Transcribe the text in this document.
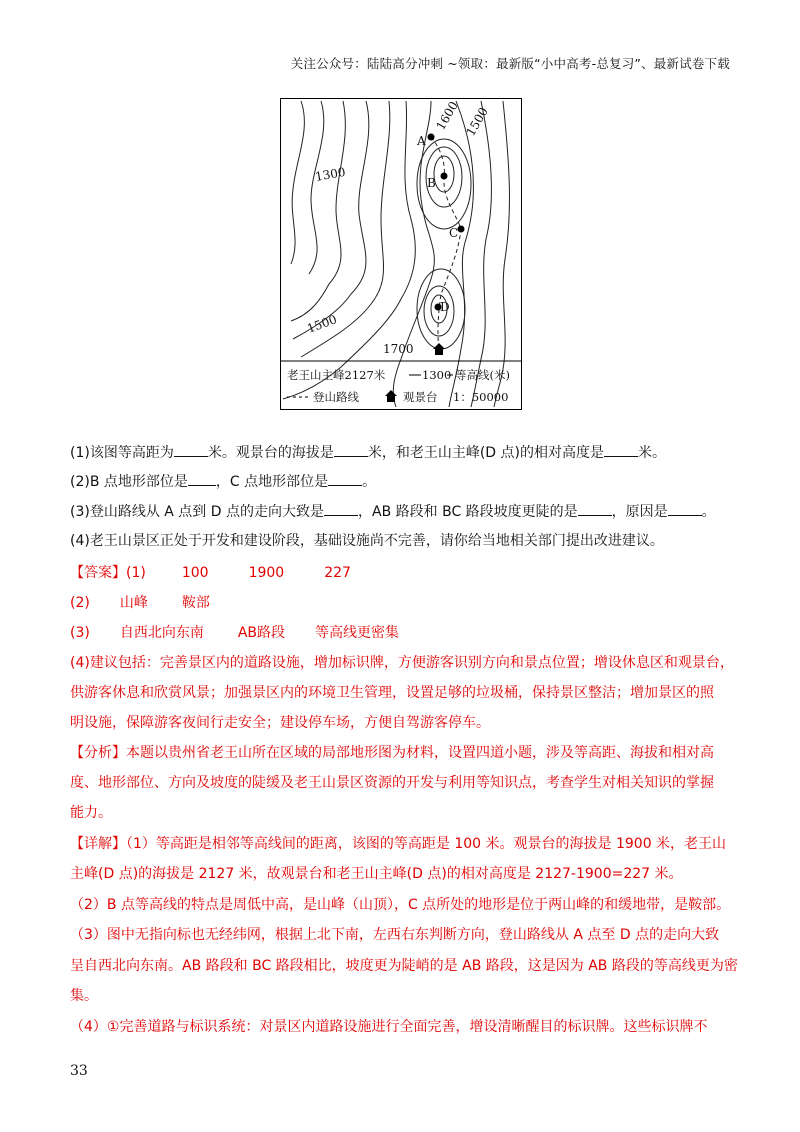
关注公众号：陆陆高分冲刺 ~领取：最新版“小中高考-总复习”、最新试卷下载
1600 1500
1300
1500
1700
A
B
C
D
老王山主峰2127米	1300 等高线(米)
登山路线	观景台 1：50000
(1)该图等高距为 米。观景台的海拔是 米，和老王山主峰(D 点)的相对高度是 米。
(2)B 点地形部位是 ，C 点地形部位是 。
(3)登山路线从 A 点到 D 点的走向大致是 ，AB 路段和 BC 路段坡度更陡的是 ，原因是 。
(4)老王山景区正处于开发和建设阶段，基础设施尚不完善，请你给当地相关部门提出改进建议。
【答案】(1)	100	1900	227
(2) 山峰 鞍部
(3) 自西北向东南 AB路段 等高线更密集
(4)建议包括：完善景区内的道路设施，增加标识牌，方便游客识别方向和景点位置；增设休息区和观景台，
供游客休息和欣赏风景；加强景区内的环境卫生管理，设置足够的垃圾桶，保持景区整洁；增加景区的照
明设施，保障游客夜间行走安全；建设停车场，方便自驾游客停车。
【分析】本题以贵州省老王山所在区域的局部地形图为材料，设置四道小题，涉及等高距、海拔和相对高
度、地形部位、方向及坡度的陡缓及老王山景区资源的开发与利用等知识点，考查学生对相关知识的掌握
能力。
【详解】（1）等高距是相邻等高线间的距离，该图的等高距是 100 米。观景台的海拔是 1900 米，老王山
主峰(D 点)的海拔是 2127 米，故观景台和老王山主峰(D 点)的相对高度是 2127-1900=227 米。
（2）B 点等高线的特点是周低中高，是山峰（山顶），C 点所处的地形是位于两山峰的和缓地带，是鞍部。
（3）图中无指向标也无经纬网，根据上北下南，左西右东判断方向，登山路线从 A 点至 D 点的走向大致
呈自西北向东南。AB 路段和 BC 路段相比，坡度更为陡峭的是 AB 路段，这是因为 AB 路段的等高线更为密
集。
（4）①完善道路与标识系统：对景区内道路设施进行全面完善，增设清晰醒目的标识牌。这些标识牌不
33
